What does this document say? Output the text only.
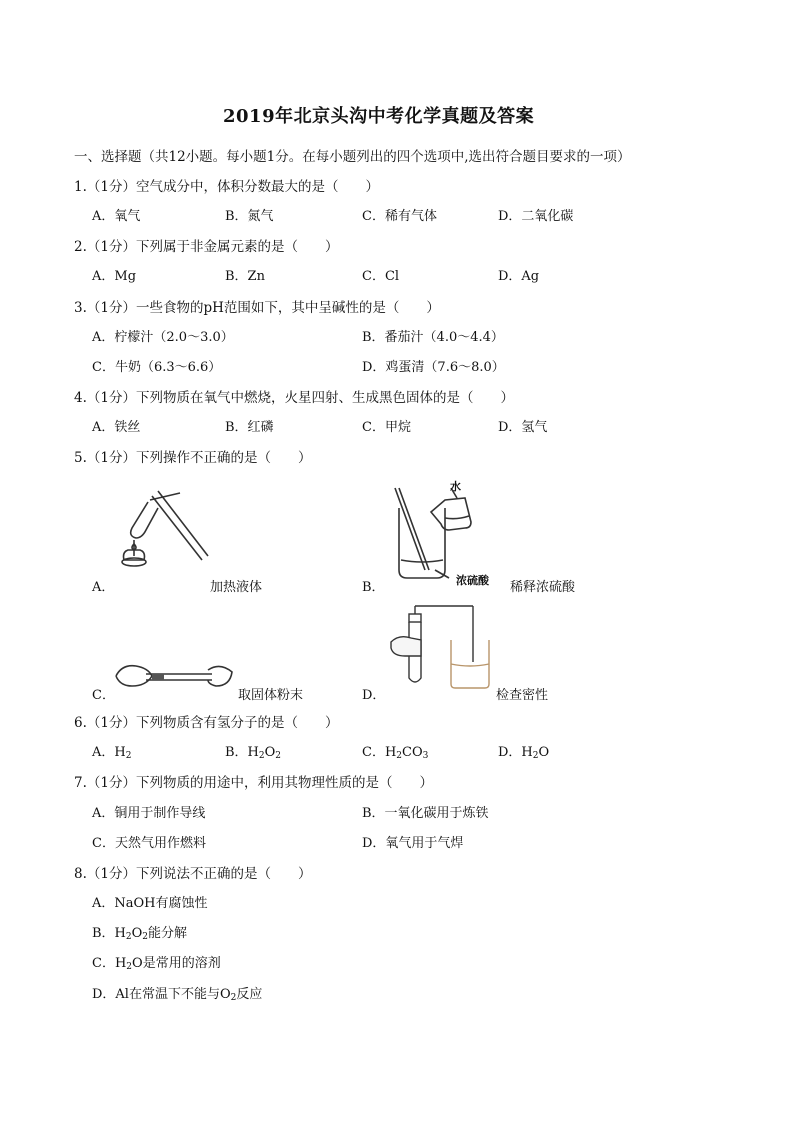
2019年北京头沟中考化学真题及答案
一、选择题（共12小题。每小题1分。在每小题列出的四个选项中,选出符合题目要求的一项）
1.（1分）空气成分中，体积分数最大的是（　　）
A．氧气	B．氮气	C．稀有气体	D．二氧化碳
2.（1分）下列属于非金属元素的是（　　）
A．Mg	B．Zn	C．Cl	D．Ag
3.（1分）一些食物的pH范围如下，其中呈碱性的是（　　）
A．柠檬汁（2.0～3.0）	B．番茄汁（4.0～4.4）
C．牛奶（6.3～6.6）	D．鸡蛋清（7.6～8.0）
4.（1分）下列物质在氧气中燃烧，火星四射、生成黑色固体的是（　　）
A．铁丝	B．红磷	C．甲烷	D．氢气
5.（1分）下列操作不正确的是（　　）
A．	加热液体
水
浓硫酸
B．	稀释浓硫酸
C．	取固体粉末	D．	检查密性
6.（1分）下列物质含有氢分子的是（　　）
A．$H_2$	B．$H_2O_2$	C．$H_2CO_3$	D．$H_2O$
7.（1分）下列物质的用途中，利用其物理性质的是（　　）
A．铜用于制作导线	B．一氧化碳用于炼铁
C．天然气用作燃料	D．氧气用于气焊
8.（1分）下列说法不正确的是（　　）
A．NaOH有腐蚀性
B．$H_2O_2$能分解
C．$H_2O$是常用的溶剂
D．Al在常温下不能与$O_2$反应
